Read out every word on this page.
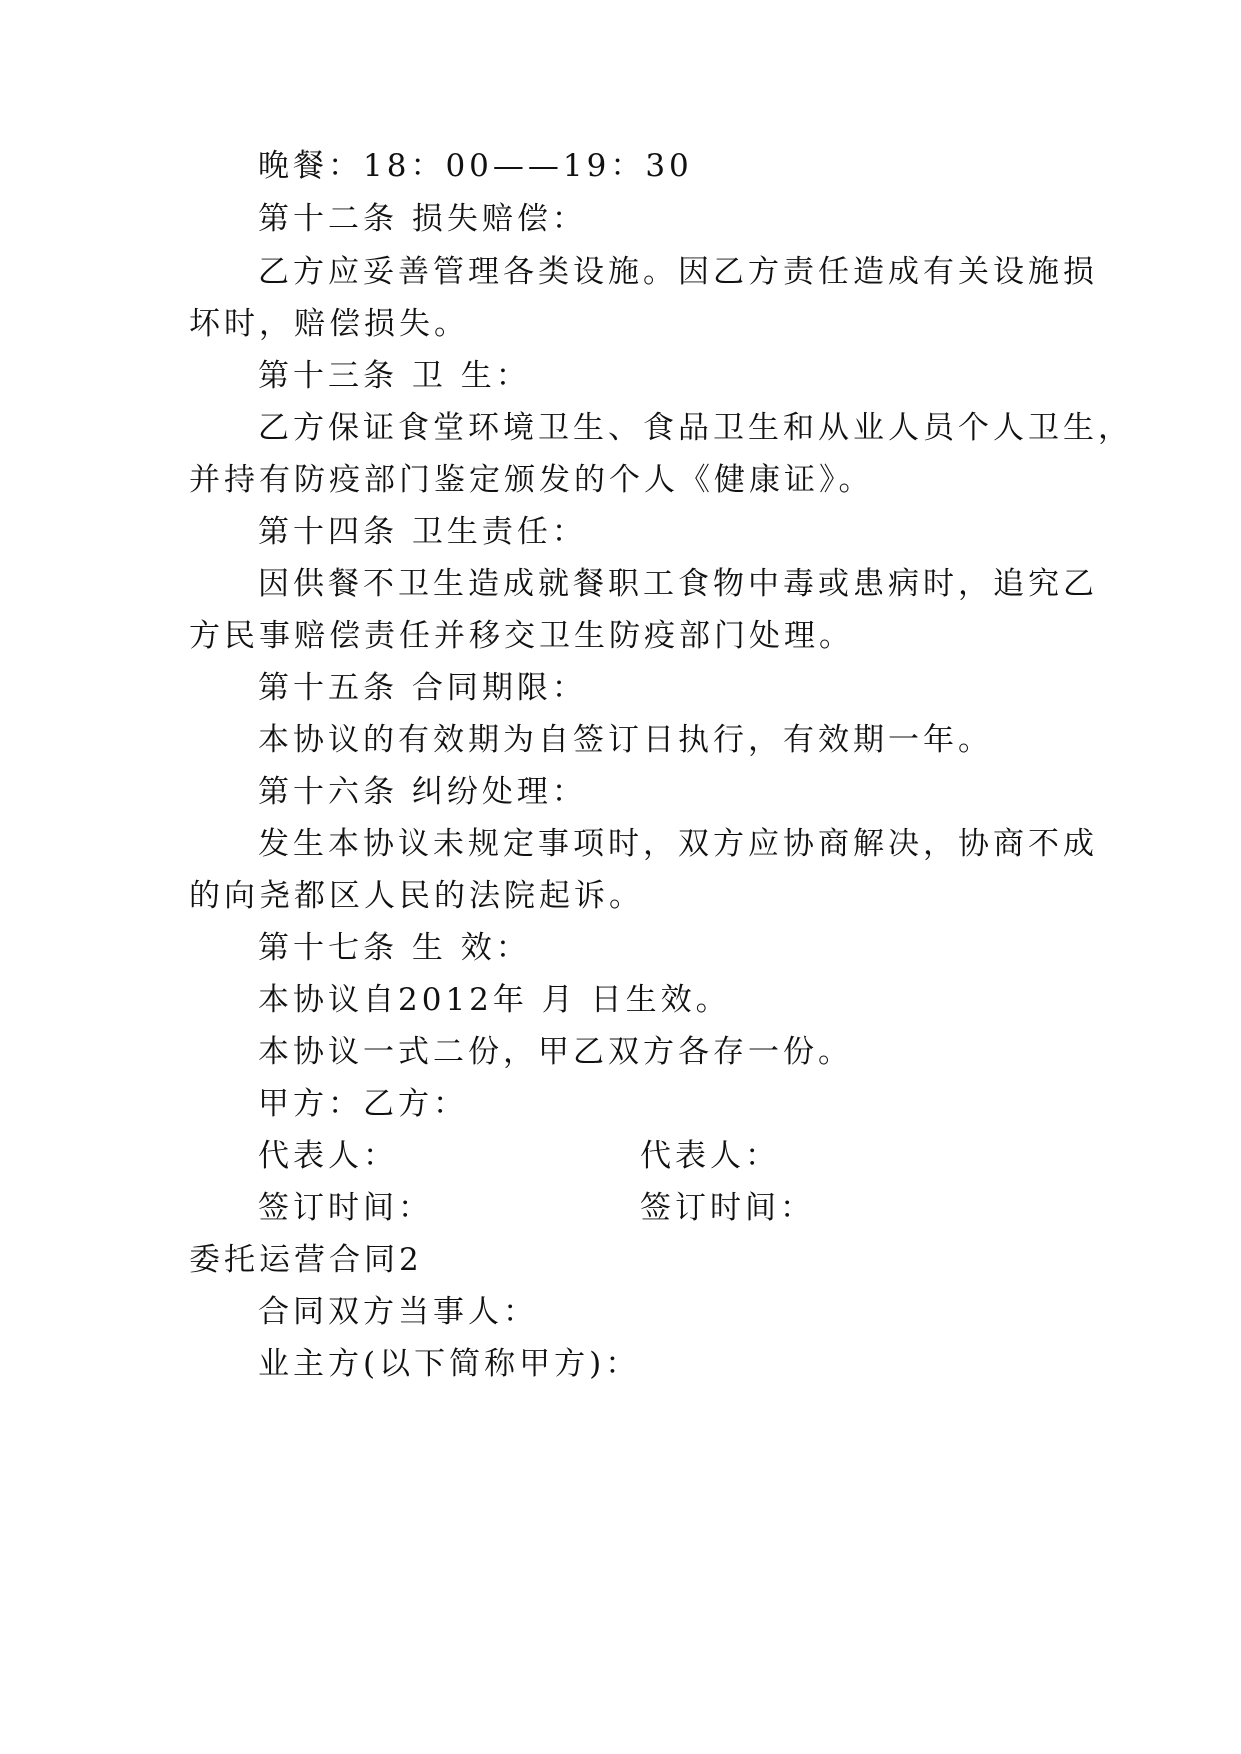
晚餐：18：00——19：30
第十二条 损失赔偿：
乙方应妥善管理各类设施。因乙方责任造成有关设施损
坏时，赔偿损失。
第十三条 卫 生：
乙方保证食堂环境卫生、食品卫生和从业人员个人卫生，
并持有防疫部门鉴定颁发的个人《健康证》。
第十四条 卫生责任：
因供餐不卫生造成就餐职工食物中毒或患病时，追究乙
方民事赔偿责任并移交卫生防疫部门处理。
第十五条 合同期限：
本协议的有效期为自签订日执行，有效期一年。
第十六条 纠纷处理：
发生本协议未规定事项时，双方应协商解决，协商不成
的向尧都区人民的法院起诉。
第十七条 生 效：
本协议自2012年 月 日生效。
本协议一式二份，甲乙双方各存一份。
甲方：乙方：
代表人：	代表人：
签订时间：	签订时间：
委托运营合同2
合同双方当事人：
业主方(以下简称甲方)：
